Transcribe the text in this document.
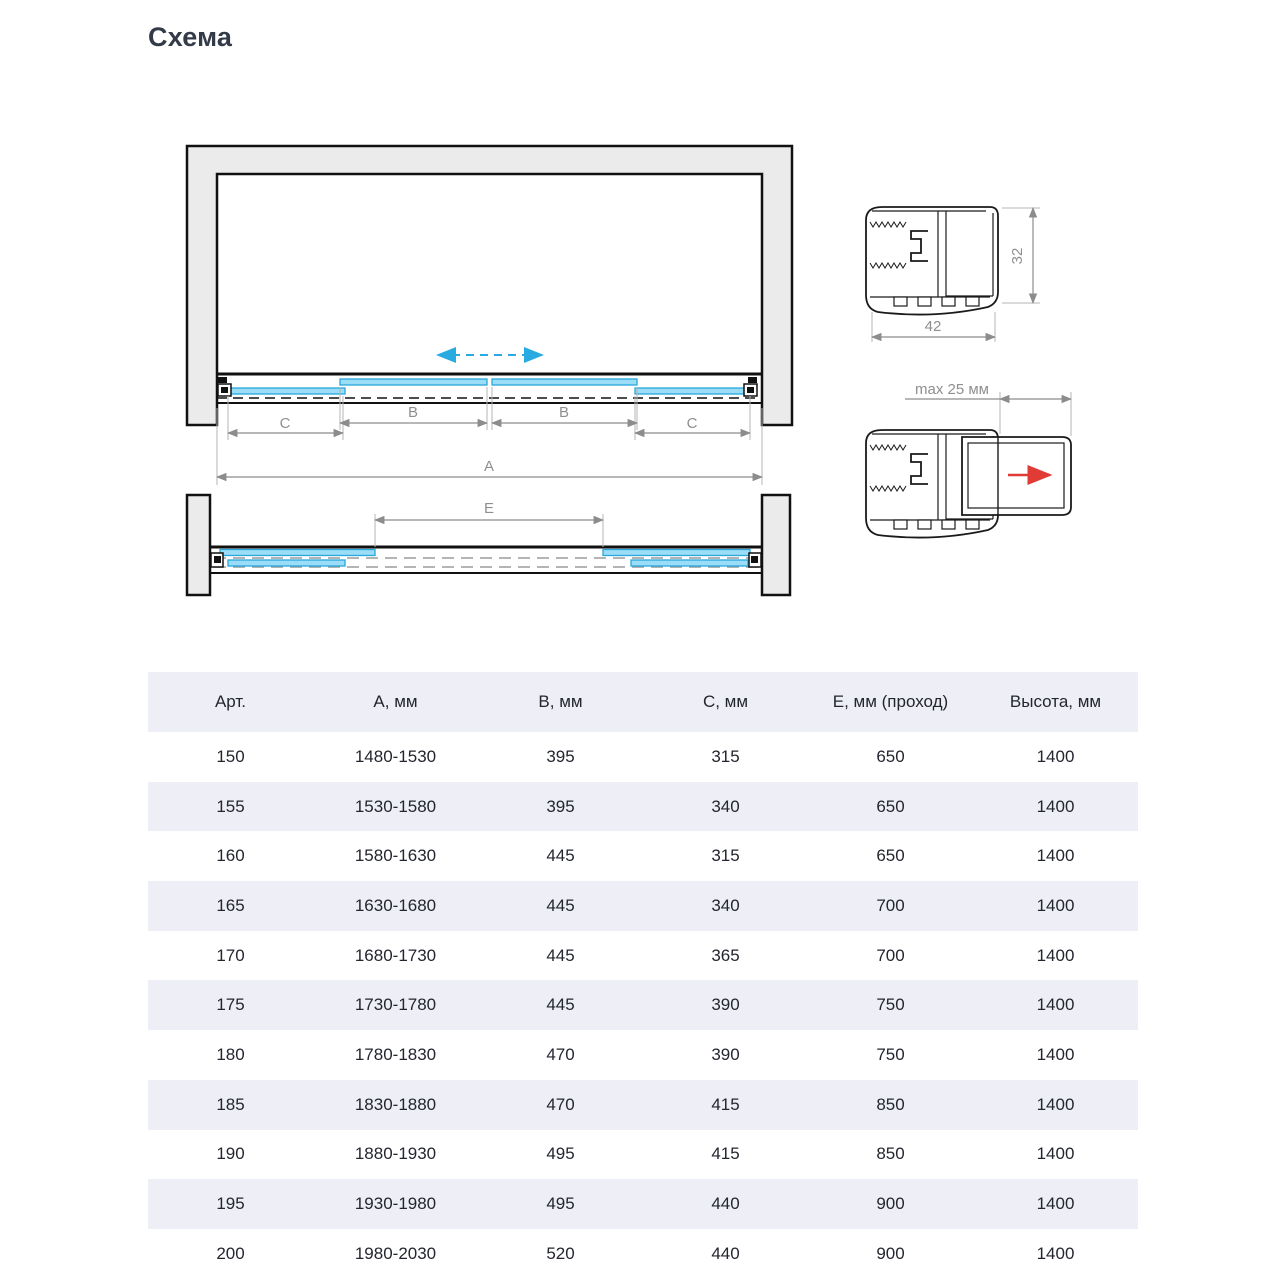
Схема
B	B
C	C
A
E
32
42
max 25 мм
Арт.	А, мм	В, мм	С, мм	Е, мм (проход)	Высота, мм
150	1480-1530	395	315	650	1400
155	1530-1580	395	340	650	1400
160	1580-1630	445	315	650	1400
165	1630-1680	445	340	700	1400
170	1680-1730	445	365	700	1400
175	1730-1780	445	390	750	1400
180	1780-1830	470	390	750	1400
185	1830-1880	470	415	850	1400
190	1880-1930	495	415	850	1400
195	1930-1980	495	440	900	1400
200	1980-2030	520	440	900	1400
